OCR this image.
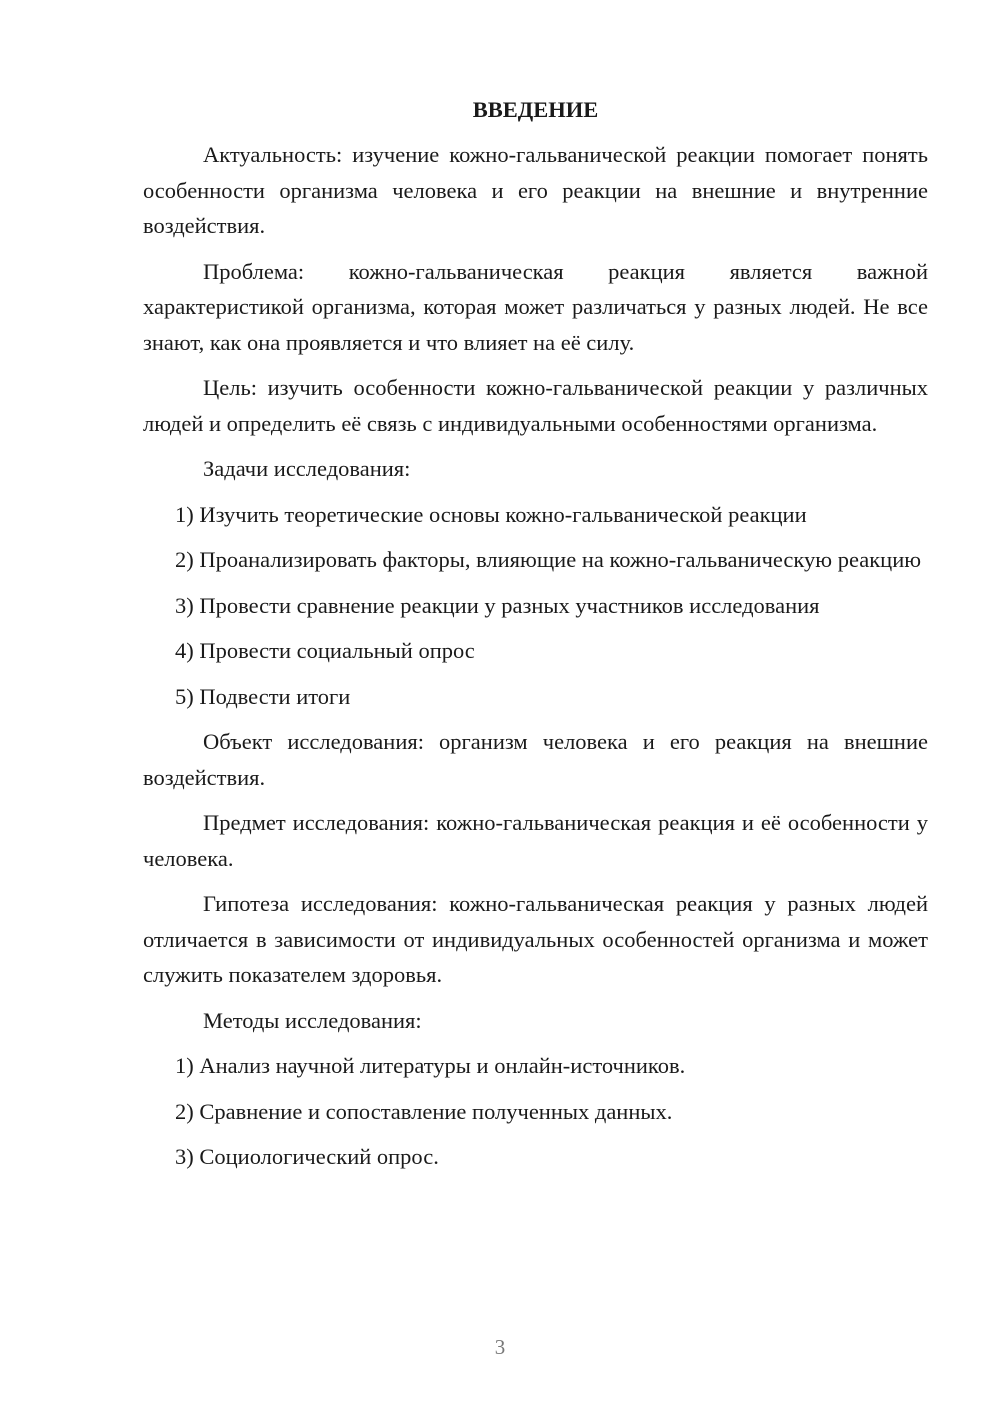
ВВЕДЕНИЕ

Актуальность: изучение кожно-гальванической реакции помогает понять особенности организма человека и его реакции на внешние и внутренние воздействия.

Проблема: кожно-гальваническая реакция является важной характеристикой организма, которая может различаться у разных людей. Не все знают, как она проявляется и что влияет на её силу.

Цель: изучить особенности кожно-гальванической реакции у различных людей и определить её связь с индивидуальными особенностями организма.

Задачи исследования:

1) Изучить теоретические основы кожно-гальванической реакции

2) Проанализировать факторы, влияющие на кожно-гальваническую реакцию

3) Провести сравнение реакции у разных участников исследования

4) Провести социальный опрос

5) Подвести итоги

Объект исследования: организм человека и его реакция на внешние воздействия.

Предмет исследования: кожно-гальваническая реакция и её особенности у человека.

Гипотеза исследования: кожно-гальваническая реакция у разных людей отличается в зависимости от индивидуальных особенностей организма и может служить показателем здоровья.

Методы исследования:

1) Анализ научной литературы и онлайн-источников.

2) Сравнение и сопоставление полученных данных.

3) Социологический опрос.

3
